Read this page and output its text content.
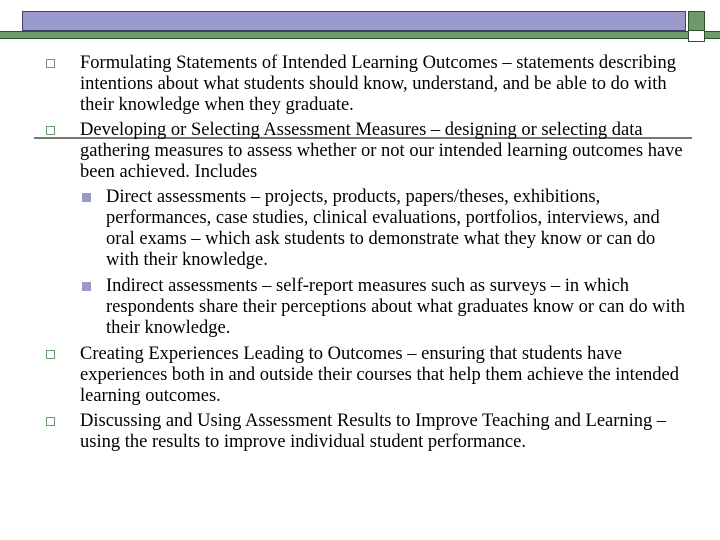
Formulating Statements of Intended Learning Outcomes – statements describing intentions about what students should know, understand, and be able to do with their knowledge when they graduate.
Developing or Selecting Assessment Measures – designing or selecting data gathering measures to assess whether or not our intended learning outcomes have been achieved. Includes
Direct assessments – projects, products, papers/theses, exhibitions, performances, case studies, clinical evaluations, portfolios, interviews, and oral exams – which ask students to demonstrate what they know or can do with their knowledge.
Indirect assessments – self-report measures such as surveys – in which respondents share their perceptions about what graduates know or can do with their knowledge.
Creating Experiences Leading to Outcomes – ensuring that students have experiences both in and outside their courses that help them achieve the intended learning outcomes.
Discussing and Using Assessment Results to Improve Teaching and Learning – using the results to improve individual student performance.
